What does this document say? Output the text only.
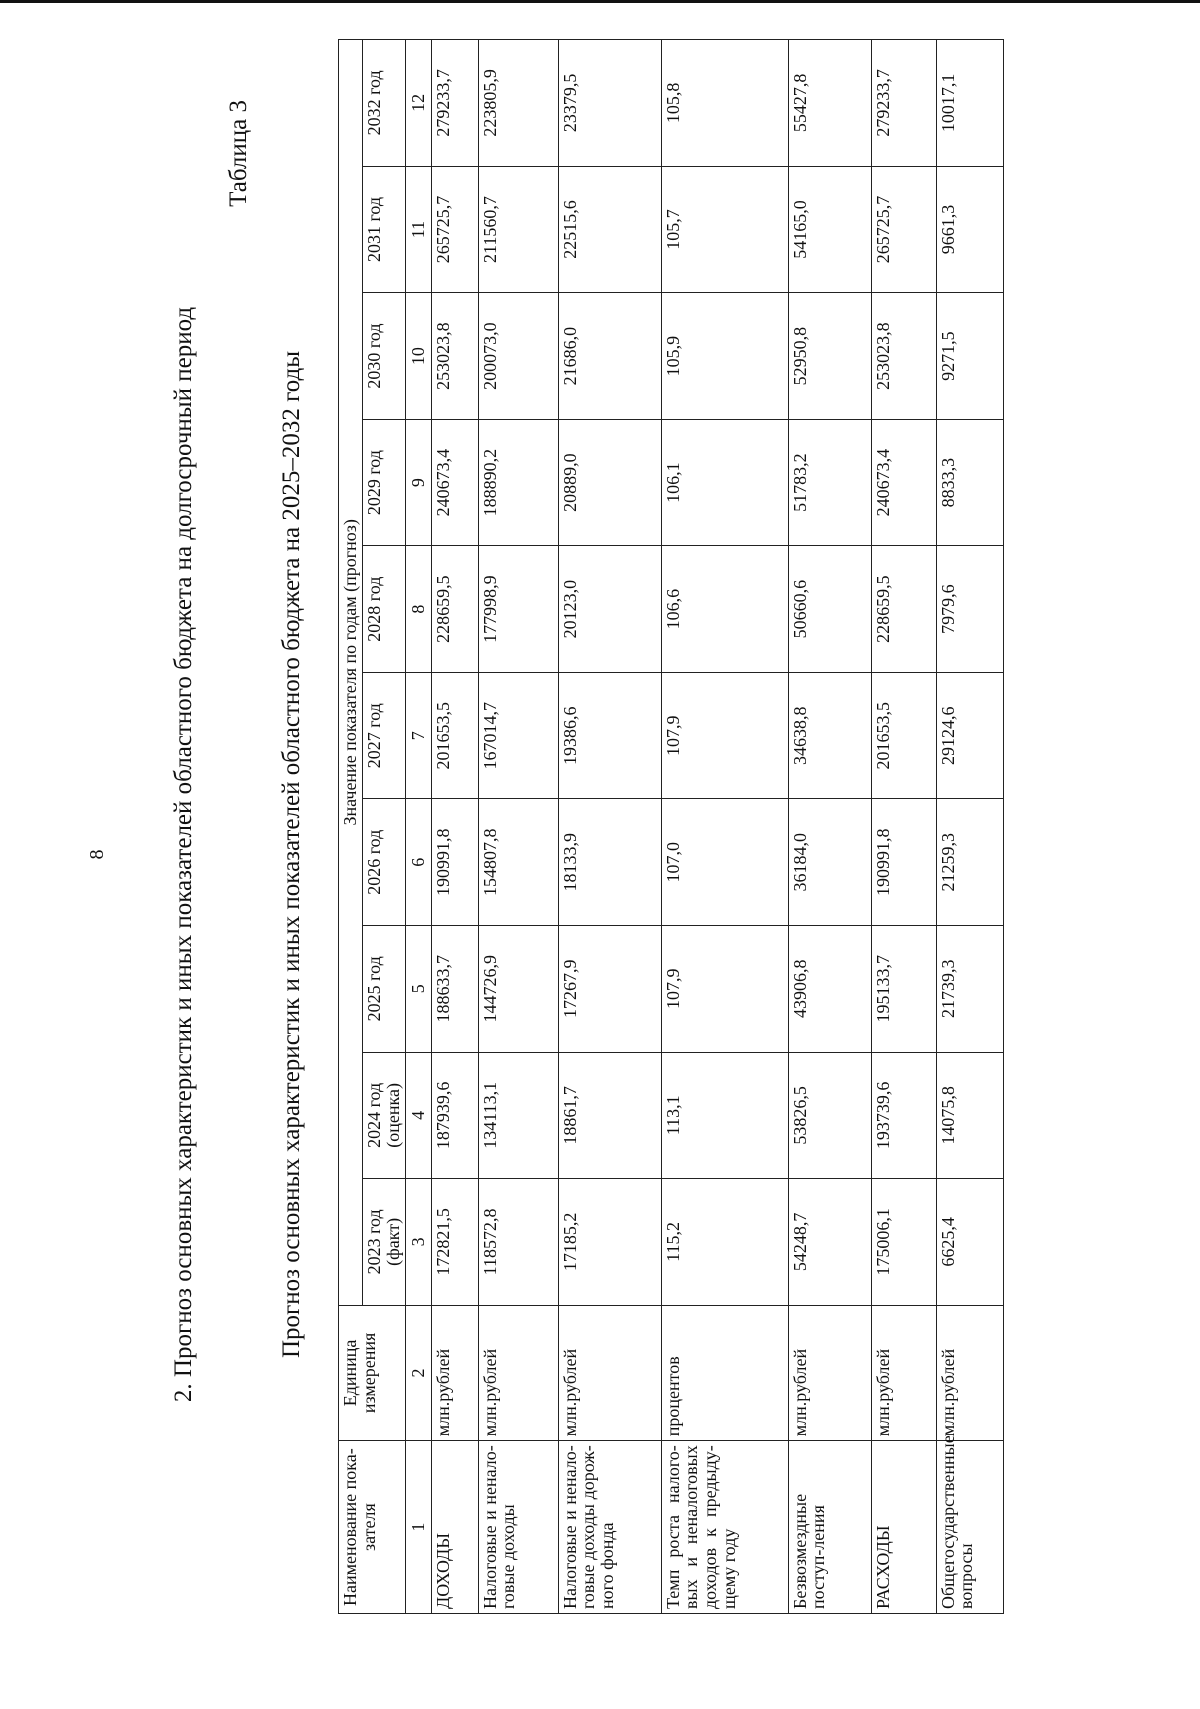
8 2. Прогноз основных характеристик и иных показателей областного бюджета на долгосрочный период
Таблица 3
Прогноз основных характеристик и иных показателей областного бюджета на 2025–2032 годы
Наименование пока-зателя	Единица измерения	Значение показателя по годам (прогноз)									
		2023 год (факт)	2024 год (оценка)	2025 год	2026 год	2027 год	2028 год	2029 год	2030 год	2031 год	2032 год
1	2	3	4	5	6	7	8	9	10	11	12
ДОХОДЫ	млн.рублей	172821,5	187939,6	188633,7	190991,8	201653,5	228659,5	240673,4	253023,8	265725,7	279233,7
Налоговые и ненало-говые доходы	млн.рублей	118572,8	134113,1	144726,9	154807,8	167014,7	177998,9	188890,2	200073,0	211560,7	223805,9
Налоговые и ненало-говые доходы дорож-ного фонда	млн.рублей	17185,2	18861,7	17267,9	18133,9	19386,6	20123,0	20889,0	21686,0	22515,6	23379,5
Темп роста налого-вых и неналоговых доходов к предыду-щему году	процентов	115,2	113,1	107,9	107,0	107,9	106,6	106,1	105,9	105,7	105,8
Безвозмездные поступ-ления	млн.рублей	54248,7	53826,5	43906,8	36184,0	34638,8	50660,6	51783,2	52950,8	54165,0	55427,8
РАСХОДЫ	млн.рублей	175006,1	193739,6	195133,7	190991,8	201653,5	228659,5	240673,4	253023,8	265725,7	279233,7
Общегосударственные вопросы	млн.рублей	6625,4	14075,8	21739,3	21259,3	29124,6	7979,6	8833,3	9271,5	9661,3	10017,1
